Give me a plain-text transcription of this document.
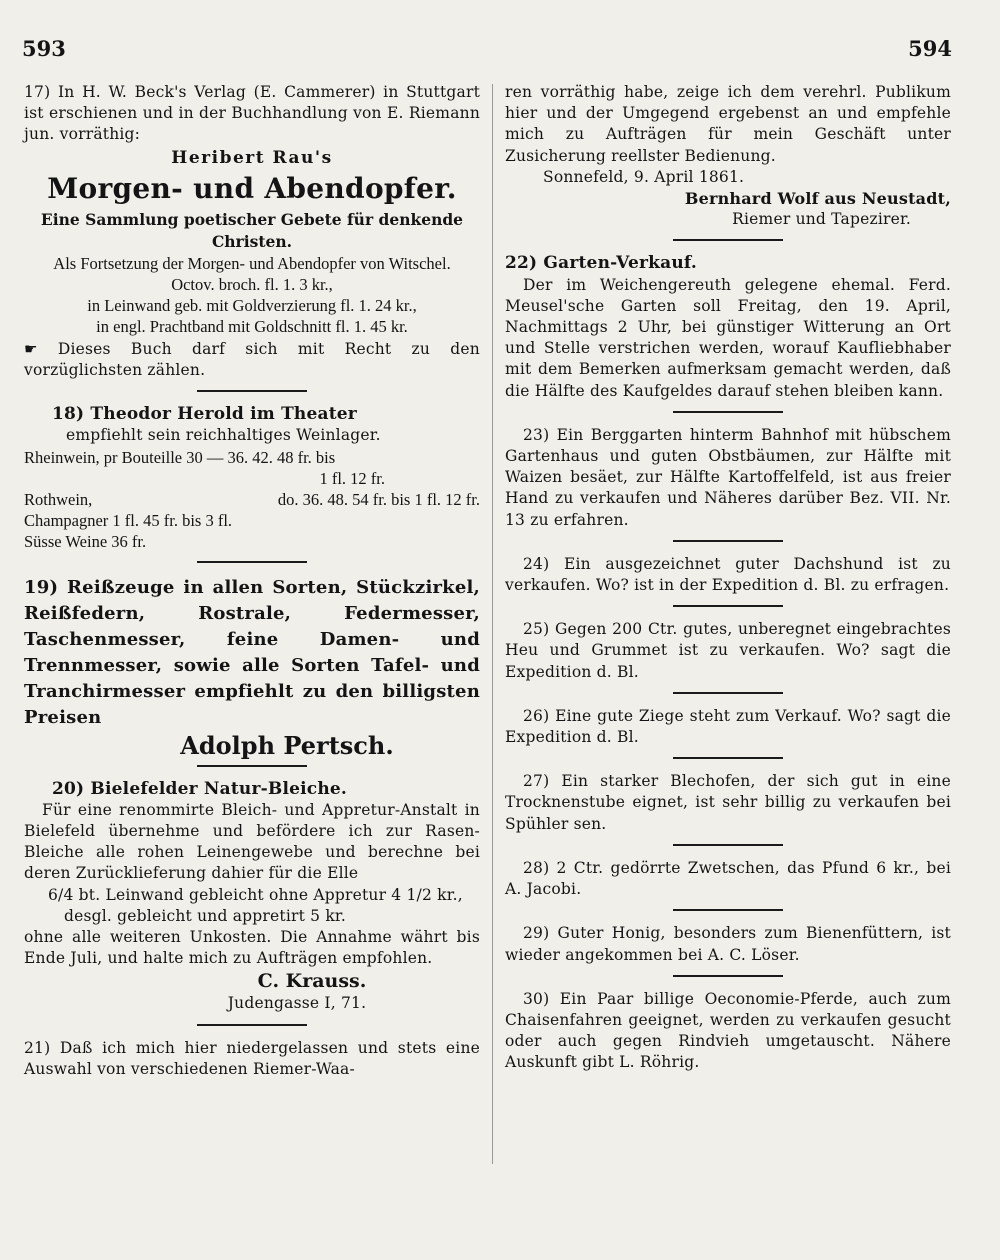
593	594

17) In H. W. Beck's Verlag (E. Cammerer) in Stuttgart ist erschienen und in der Buchhandlung von E. Riemann jun. vorräthig:

Heribert Rau's

Morgen- und Abendopfer.

Eine Sammlung poetischer Gebete für denkende Christen.

Als Fortsetzung der Morgen- und Abendopfer von Witschel.

Octov. broch. fl. 1. 3 kr.,

in Leinwand geb. mit Goldverzierung fl. 1. 24 kr.,

in engl. Prachtband mit Goldschnitt fl. 1. 45 kr.

☛ Dieses Buch darf sich mit Recht zu den vorzüglichsten zählen.

18) Theodor Herold im Theater

empfiehlt sein reichhaltiges Weinlager.

Rheinwein, pr Bouteille 30 — 36. 42. 48 fr. bis
1 fl. 12 fr.
Rothwein,	do. 36. 48. 54 fr. bis 1 fl. 12 fr.
Champagner 1 fl. 45 fr. bis 3 fl.
Süsse Weine 36 fr.

19) Reißzeuge in allen Sorten, Stückzirkel, Reißfedern, Rostrale, Federmesser, Taschenmesser, feine Damen- und Trennmesser, sowie alle Sorten Tafel- und Tranchirmesser empfiehlt zu den billigsten Preisen

Adolph Pertsch.

20) Bielefelder Natur-Bleiche.

Für eine renommirte Bleich- und Appretur-Anstalt in Bielefeld übernehme und befördere ich zur Rasen-Bleiche alle rohen Leinengewebe und berechne bei deren Zurücklieferung dahier für die Elle

6/4 bt. Leinwand gebleicht ohne Appretur 4 1/2 kr.,

desgl. gebleicht und appretirt 5 kr.

ohne alle weiteren Unkosten. Die Annahme währt bis Ende Juli, und halte mich zu Aufträgen empfohlen.

C. Krauss.

Judengasse I, 71.

21) Daß ich mich hier niedergelassen und stets eine Auswahl von verschiedenen Riemer-Waa-

ren vorräthig habe, zeige ich dem verehrl. Publikum hier und der Umgegend ergebenst an und empfehle mich zu Aufträgen für mein Geschäft unter Zusicherung reellster Bedienung.

Sonnefeld, 9. April 1861.

Bernhard Wolf aus Neustadt,

Riemer und Tapezirer.

22) Garten-Verkauf.

Der im Weichengereuth gelegene ehemal. Ferd. Meusel'sche Garten soll Freitag, den 19. April, Nachmittags 2 Uhr, bei günstiger Witterung an Ort und Stelle verstrichen werden, worauf Kaufliebhaber mit dem Bemerken aufmerksam gemacht werden, daß die Hälfte des Kaufgeldes darauf stehen bleiben kann.

23) Ein Berggarten hinterm Bahnhof mit hübschem Gartenhaus und guten Obstbäumen, zur Hälfte mit Waizen besäet, zur Hälfte Kartoffelfeld, ist aus freier Hand zu verkaufen und Näheres darüber Bez. VII. Nr. 13 zu erfahren.

24) Ein ausgezeichnet guter Dachshund ist zu verkaufen. Wo? ist in der Expedition d. Bl. zu erfragen.

25) Gegen 200 Ctr. gutes, unberegnet eingebrachtes Heu und Grummet ist zu verkaufen. Wo? sagt die Expedition d. Bl.

26) Eine gute Ziege steht zum Verkauf. Wo? sagt die Expedition d. Bl.

27) Ein starker Blechofen, der sich gut in eine Trocknenstube eignet, ist sehr billig zu verkaufen bei Spühler sen.

28) 2 Ctr. gedörrte Zwetschen, das Pfund 6 kr., bei A. Jacobi.

29) Guter Honig, besonders zum Bienenfüttern, ist wieder angekommen bei A. C. Löser.

30) Ein Paar billige Oeconomie-Pferde, auch zum Chaisenfahren geeignet, werden zu verkaufen gesucht oder auch gegen Rindvieh umgetauscht. Nähere Auskunft gibt L. Röhrig.
